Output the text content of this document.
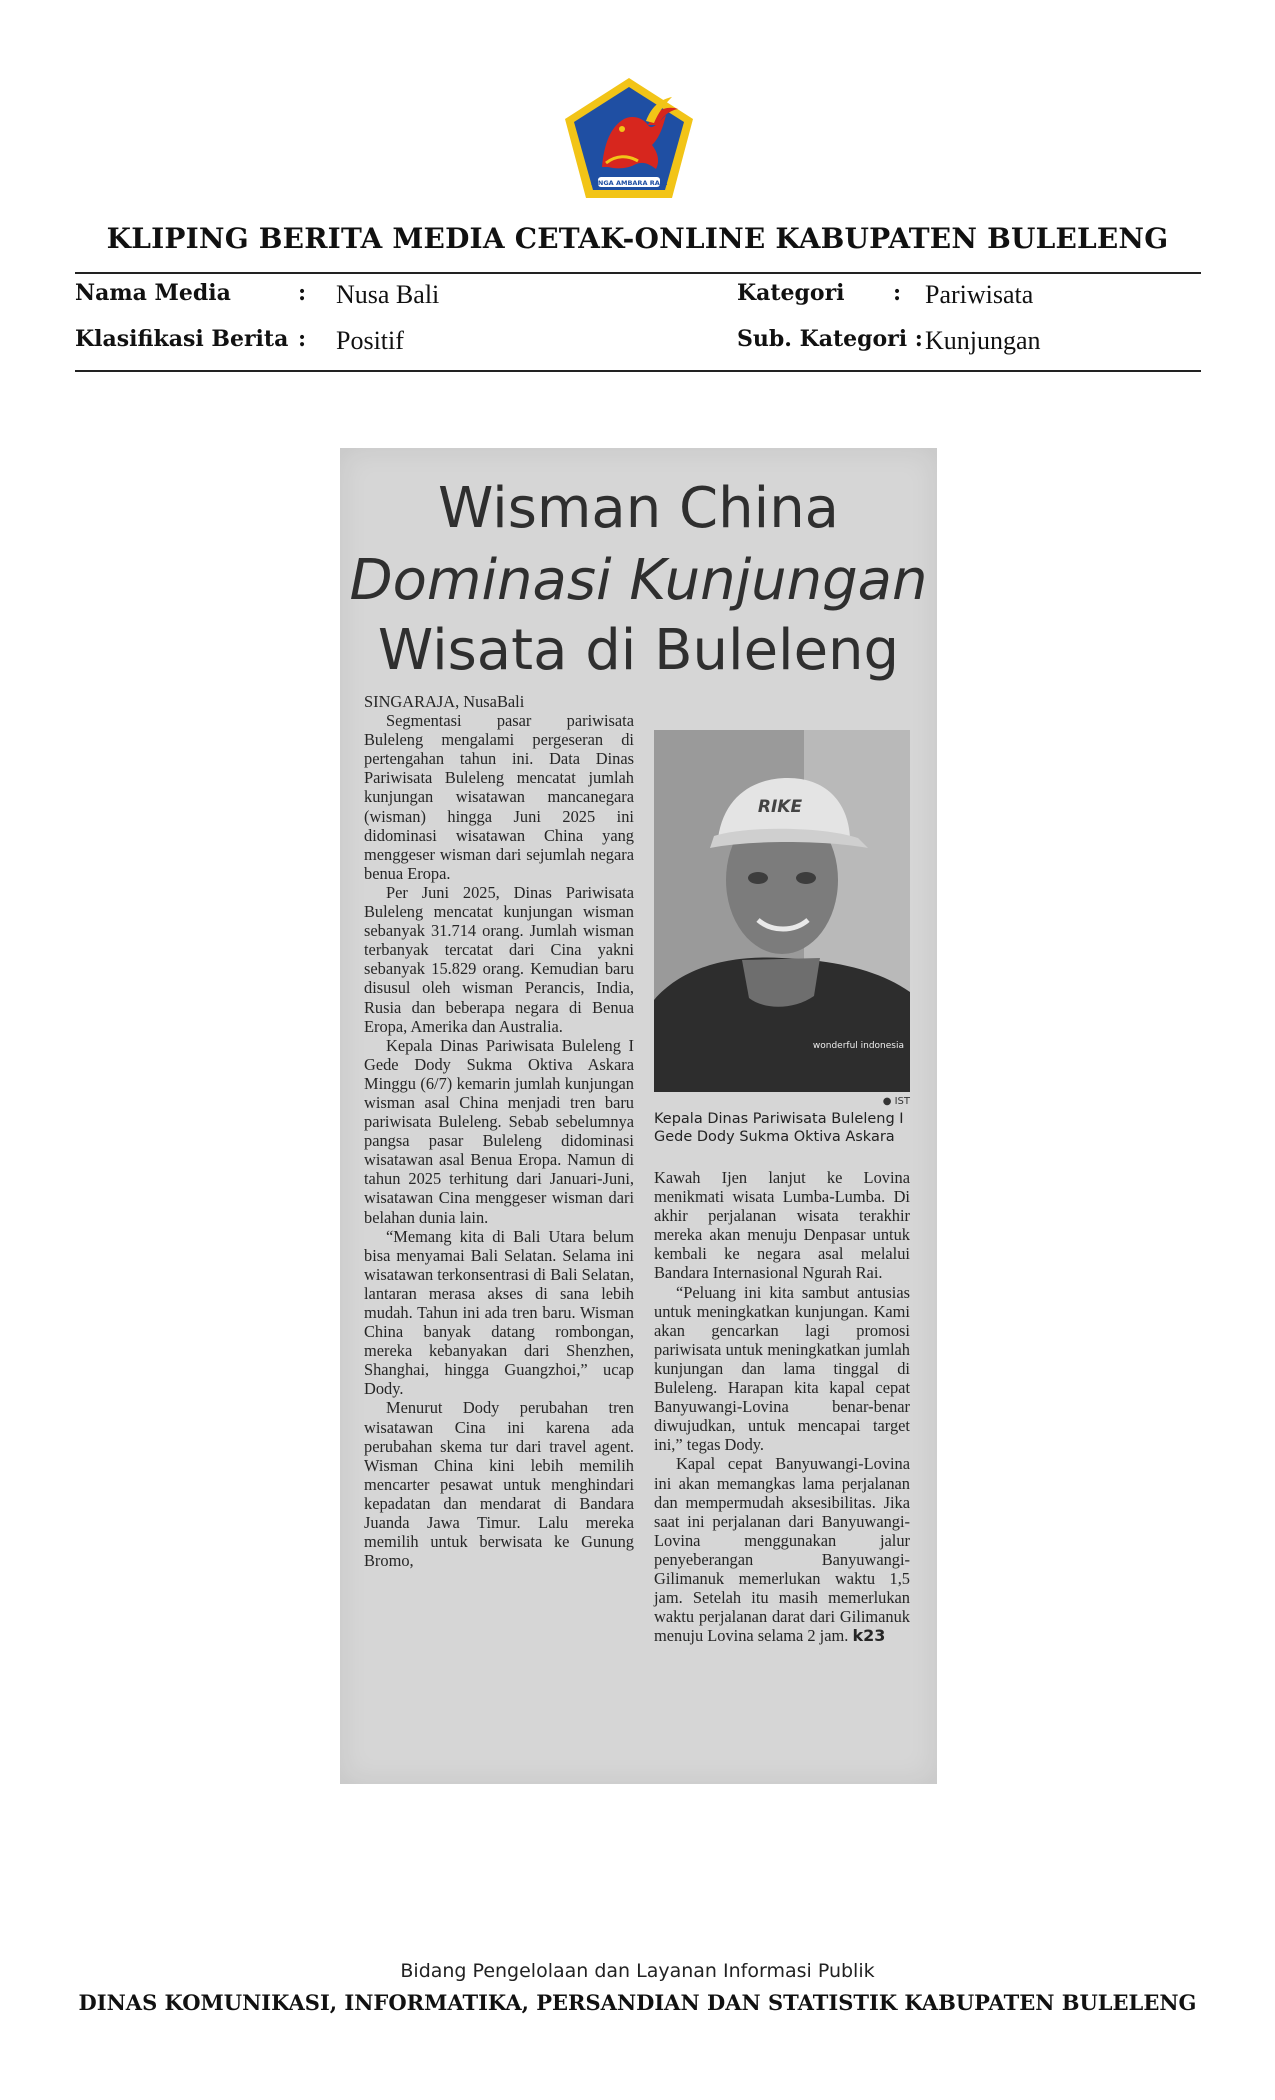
SINGA AMBARA RAJA
KLIPING BERITA MEDIA CETAK-ONLINE KABUPATEN BULELENG
Nama Media	: Nusa Bali	Kategori : Pariwisata
Klasifikasi Berita : Positif	Sub. Kategori : Kunjungan
Wisman China
Dominasi Kunjungan
Wisata di Buleleng

SINGARAJA, NusaBali

Segmentasi pasar pariwisata Buleleng mengalami pergeseran di pertengahan tahun ini. Data Dinas Pariwisata Buleleng mencatat jumlah kunjungan wisatawan mancanegara (wisman) hingga Juni 2025 ini didominasi wisatawan China yang menggeser wisman dari sejumlah negara benua Eropa.

Per Juni 2025, Dinas Pariwisata Buleleng mencatat kunjungan wisman sebanyak 31.714 orang. Jumlah wisman terbanyak tercatat dari Cina yakni sebanyak 15.829 orang. Kemudian baru disusul oleh wisman Perancis, India, Rusia dan beberapa negara di Benua Eropa, Amerika dan Australia.

Kepala Dinas Pariwisata Buleleng I Gede Dody Sukma Oktiva Askara Minggu (6/7) kemarin jumlah kunjungan wisman asal China menjadi tren baru pariwisata Buleleng. Sebab sebelumnya pangsa pasar Buleleng didominasi wisatawan asal Benua Eropa. Namun di tahun 2025 terhitung dari Januari-Juni, wisatawan Cina menggeser wisman dari belahan dunia lain.

“Memang kita di Bali Utara belum bisa menyamai Bali Selatan. Selama ini wisatawan terkonsentrasi di Bali Selatan, lantaran merasa akses di sana lebih mudah. Tahun ini ada tren baru. Wisman China banyak datang rombongan, mereka kebanyakan dari Shenzhen, Shanghai, hingga Guangzhoi,” ucap Dody.

Menurut Dody perubahan tren wisatawan Cina ini karena ada perubahan skema tur dari travel agent. Wisman China kini lebih memilih mencarter pesawat untuk menghindari kepadatan dan mendarat di Bandara Juanda Jawa Timur. Lalu mereka memilih untuk berwisata ke Gunung Bromo,

RIKE
wonderful indonesia
● IST
Kepala Dinas Pariwisata Buleleng I Gede Dody Sukma Oktiva Askara

Kawah Ijen lanjut ke Lovina menikmati wisata Lumba-Lumba. Di akhir perjalanan wisata terakhir mereka akan menuju Denpasar untuk kembali ke negara asal melalui Bandara Internasional Ngurah Rai.

“Peluang ini kita sambut antusias untuk meningkatkan kunjungan. Kami akan gencarkan lagi promosi pariwisata untuk meningkatkan jumlah kunjungan dan lama tinggal di Buleleng. Harapan kita kapal cepat Banyuwangi-Lovina benar-benar diwujudkan, untuk mencapai target ini,” tegas Dody.

Kapal cepat Banyuwangi-Lovina ini akan memangkas lama perjalanan dan mempermudah aksesibilitas. Jika saat ini perjalanan dari Banyuwangi-Lovina menggunakan jalur penyeberangan Banyuwangi-Gilimanuk memerlukan waktu 1,5 jam. Setelah itu masih memerlukan waktu perjalanan darat dari Gilimanuk menuju Lovina selama 2 jam. k23

Bidang Pengelolaan dan Layanan Informasi Publik
DINAS KOMUNIKASI, INFORMATIKA, PERSANDIAN DAN STATISTIK KABUPATEN BULELENG
